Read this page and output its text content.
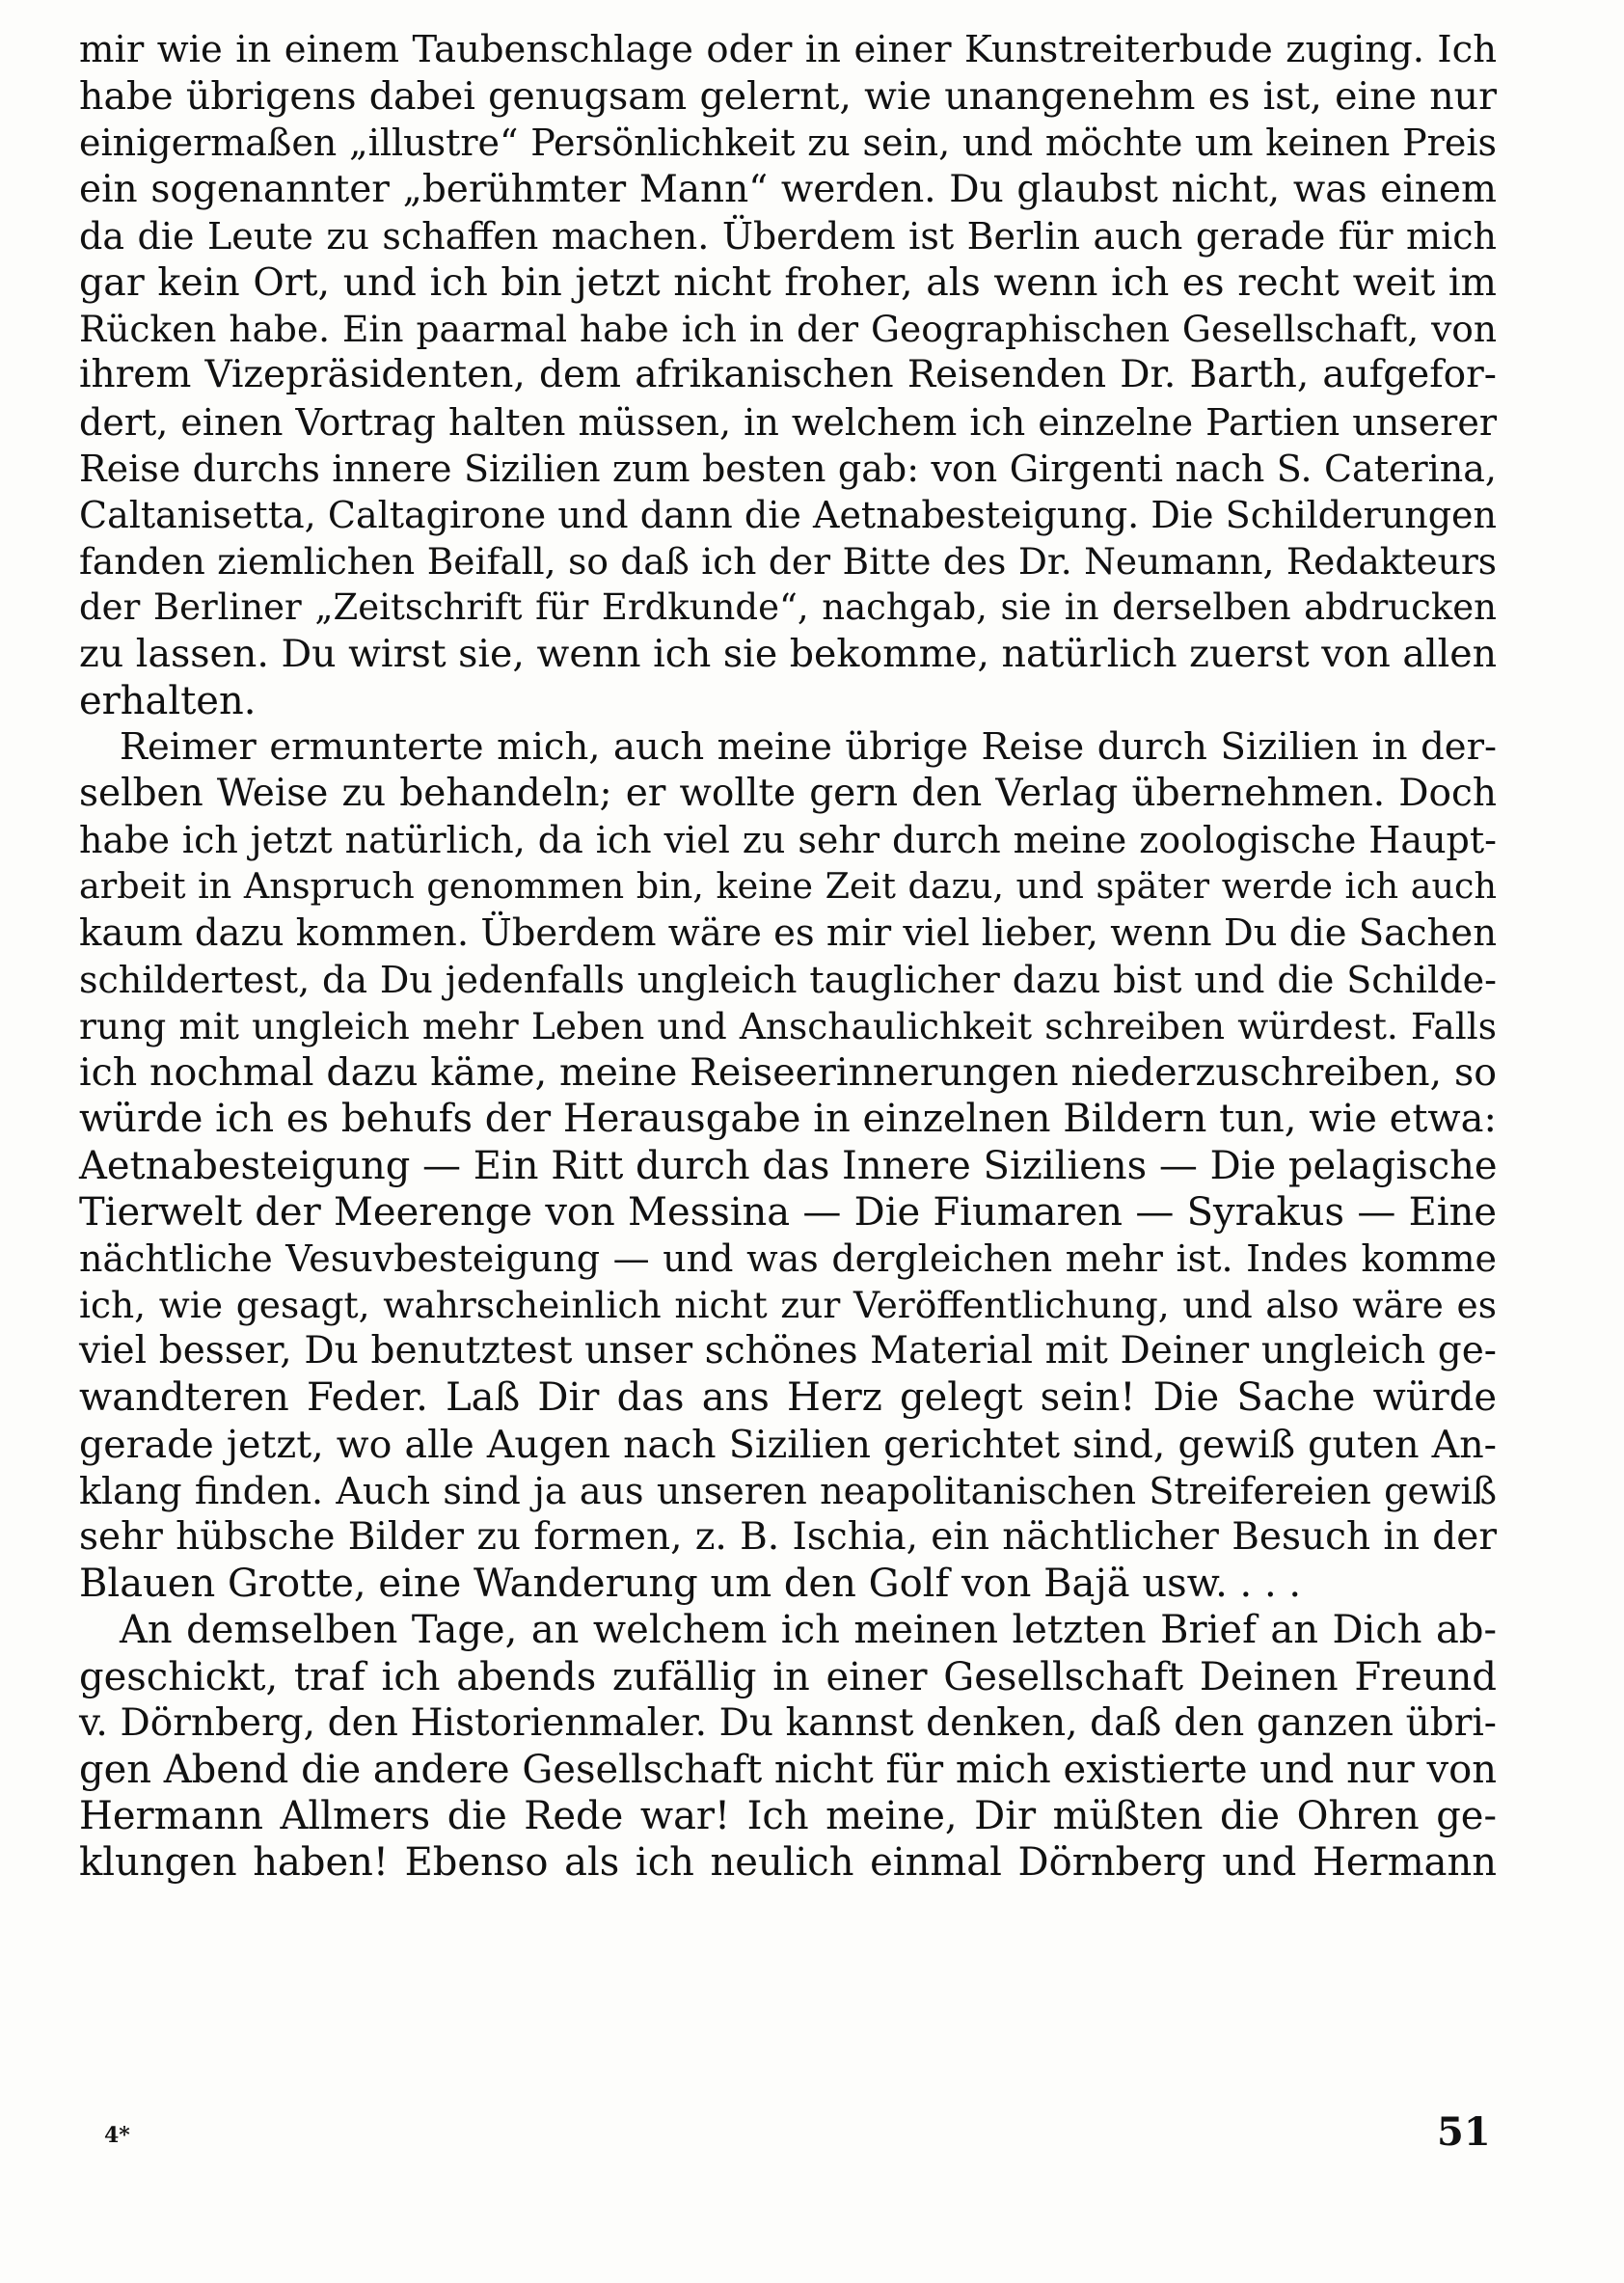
mir wie in einem Taubenschlage oder in einer Kunstreiterbude zuging. Ich
habe übrigens dabei genugsam gelernt, wie unangenehm es ist, eine nur
einigermaßen „illustre“ Persönlichkeit zu sein, und möchte um keinen Preis
ein sogenannter „berühmter Mann“ werden. Du glaubst nicht, was einem
da die Leute zu schaffen machen. Überdem ist Berlin auch gerade für mich
gar kein Ort, und ich bin jetzt nicht froher, als wenn ich es recht weit im
Rücken habe. Ein paarmal habe ich in der Geographischen Gesellschaft, von
ihrem Vizepräsidenten, dem afrikanischen Reisenden Dr. Barth, aufgefor-
dert, einen Vortrag halten müssen, in welchem ich einzelne Partien unserer
Reise durchs innere Sizilien zum besten gab: von Girgenti nach S. Caterina,
Caltanisetta, Caltagirone und dann die Aetnabesteigung. Die Schilderungen
fanden ziemlichen Beifall, so daß ich der Bitte des Dr. Neumann, Redakteurs
der Berliner „Zeitschrift für Erdkunde“, nachgab, sie in derselben abdrucken
zu lassen. Du wirst sie, wenn ich sie bekomme, natürlich zuerst von allen
erhalten.
Reimer ermunterte mich, auch meine übrige Reise durch Sizilien in der-
selben Weise zu behandeln; er wollte gern den Verlag übernehmen. Doch
habe ich jetzt natürlich, da ich viel zu sehr durch meine zoologische Haupt-
arbeit in Anspruch genommen bin, keine Zeit dazu, und später werde ich auch
kaum dazu kommen. Überdem wäre es mir viel lieber, wenn Du die Sachen
schildertest, da Du jedenfalls ungleich tauglicher dazu bist und die Schilde-
rung mit ungleich mehr Leben und Anschaulichkeit schreiben würdest. Falls
ich nochmal dazu käme, meine Reiseerinnerungen niederzuschreiben, so
würde ich es behufs der Herausgabe in einzelnen Bildern tun, wie etwa:
Aetnabesteigung — Ein Ritt durch das Innere Siziliens — Die pelagische
Tierwelt der Meerenge von Messina — Die Fiumaren — Syrakus — Eine
nächtliche Vesuvbesteigung — und was dergleichen mehr ist. Indes komme
ich, wie gesagt, wahrscheinlich nicht zur Veröffentlichung, und also wäre es
viel besser, Du benutztest unser schönes Material mit Deiner ungleich ge-
wandteren Feder. Laß Dir das ans Herz gelegt sein! Die Sache würde
gerade jetzt, wo alle Augen nach Sizilien gerichtet sind, gewiß guten An-
klang finden. Auch sind ja aus unseren neapolitanischen Streifereien gewiß
sehr hübsche Bilder zu formen, z. B. Ischia, ein nächtlicher Besuch in der
Blauen Grotte, eine Wanderung um den Golf von Bajä usw. . . .
An demselben Tage, an welchem ich meinen letzten Brief an Dich ab-
geschickt, traf ich abends zufällig in einer Gesellschaft Deinen Freund
v. Dörnberg, den Historienmaler. Du kannst denken, daß den ganzen übri-
gen Abend die andere Gesellschaft nicht für mich existierte und nur von
Hermann Allmers die Rede war! Ich meine, Dir müßten die Ohren ge-
klungen haben! Ebenso als ich neulich einmal Dörnberg und Hermann
4*	51
